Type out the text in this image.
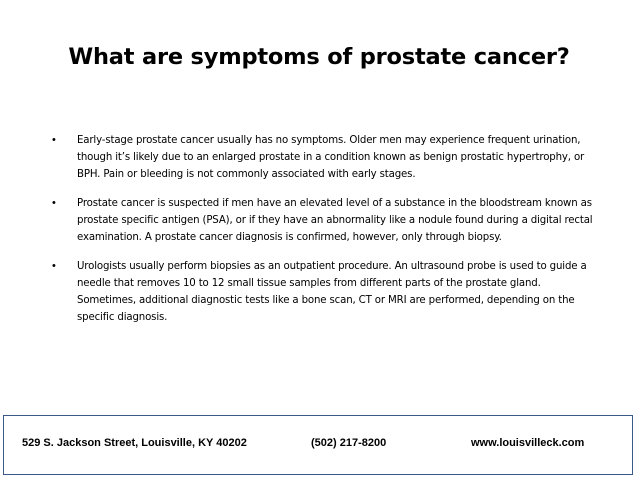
What are symptoms of prostate cancer?
• Early-stage prostate cancer usually has no symptoms. Older men may experience frequent urination, though it’s likely due to an enlarged prostate in a condition known as benign prostatic hypertrophy, or BPH. Pain or bleeding is not commonly associated with early stages.
• Prostate cancer is suspected if men have an elevated level of a substance in the bloodstream known as prostate specific antigen (PSA), or if they have an abnormality like a nodule found during a digital rectal examination. A prostate cancer diagnosis is confirmed, however, only through biopsy.
• Urologists usually perform biopsies as an outpatient procedure. An ultrasound probe is used to guide a needle that removes 10 to 12 small tissue samples from different parts of the prostate gland. Sometimes, additional diagnostic tests like a bone scan, CT or MRI are performed, depending on the specific diagnosis.
529 S. Jackson Street, Louisville, KY 40202	(502) 217-8200	www.louisvilleck.com
